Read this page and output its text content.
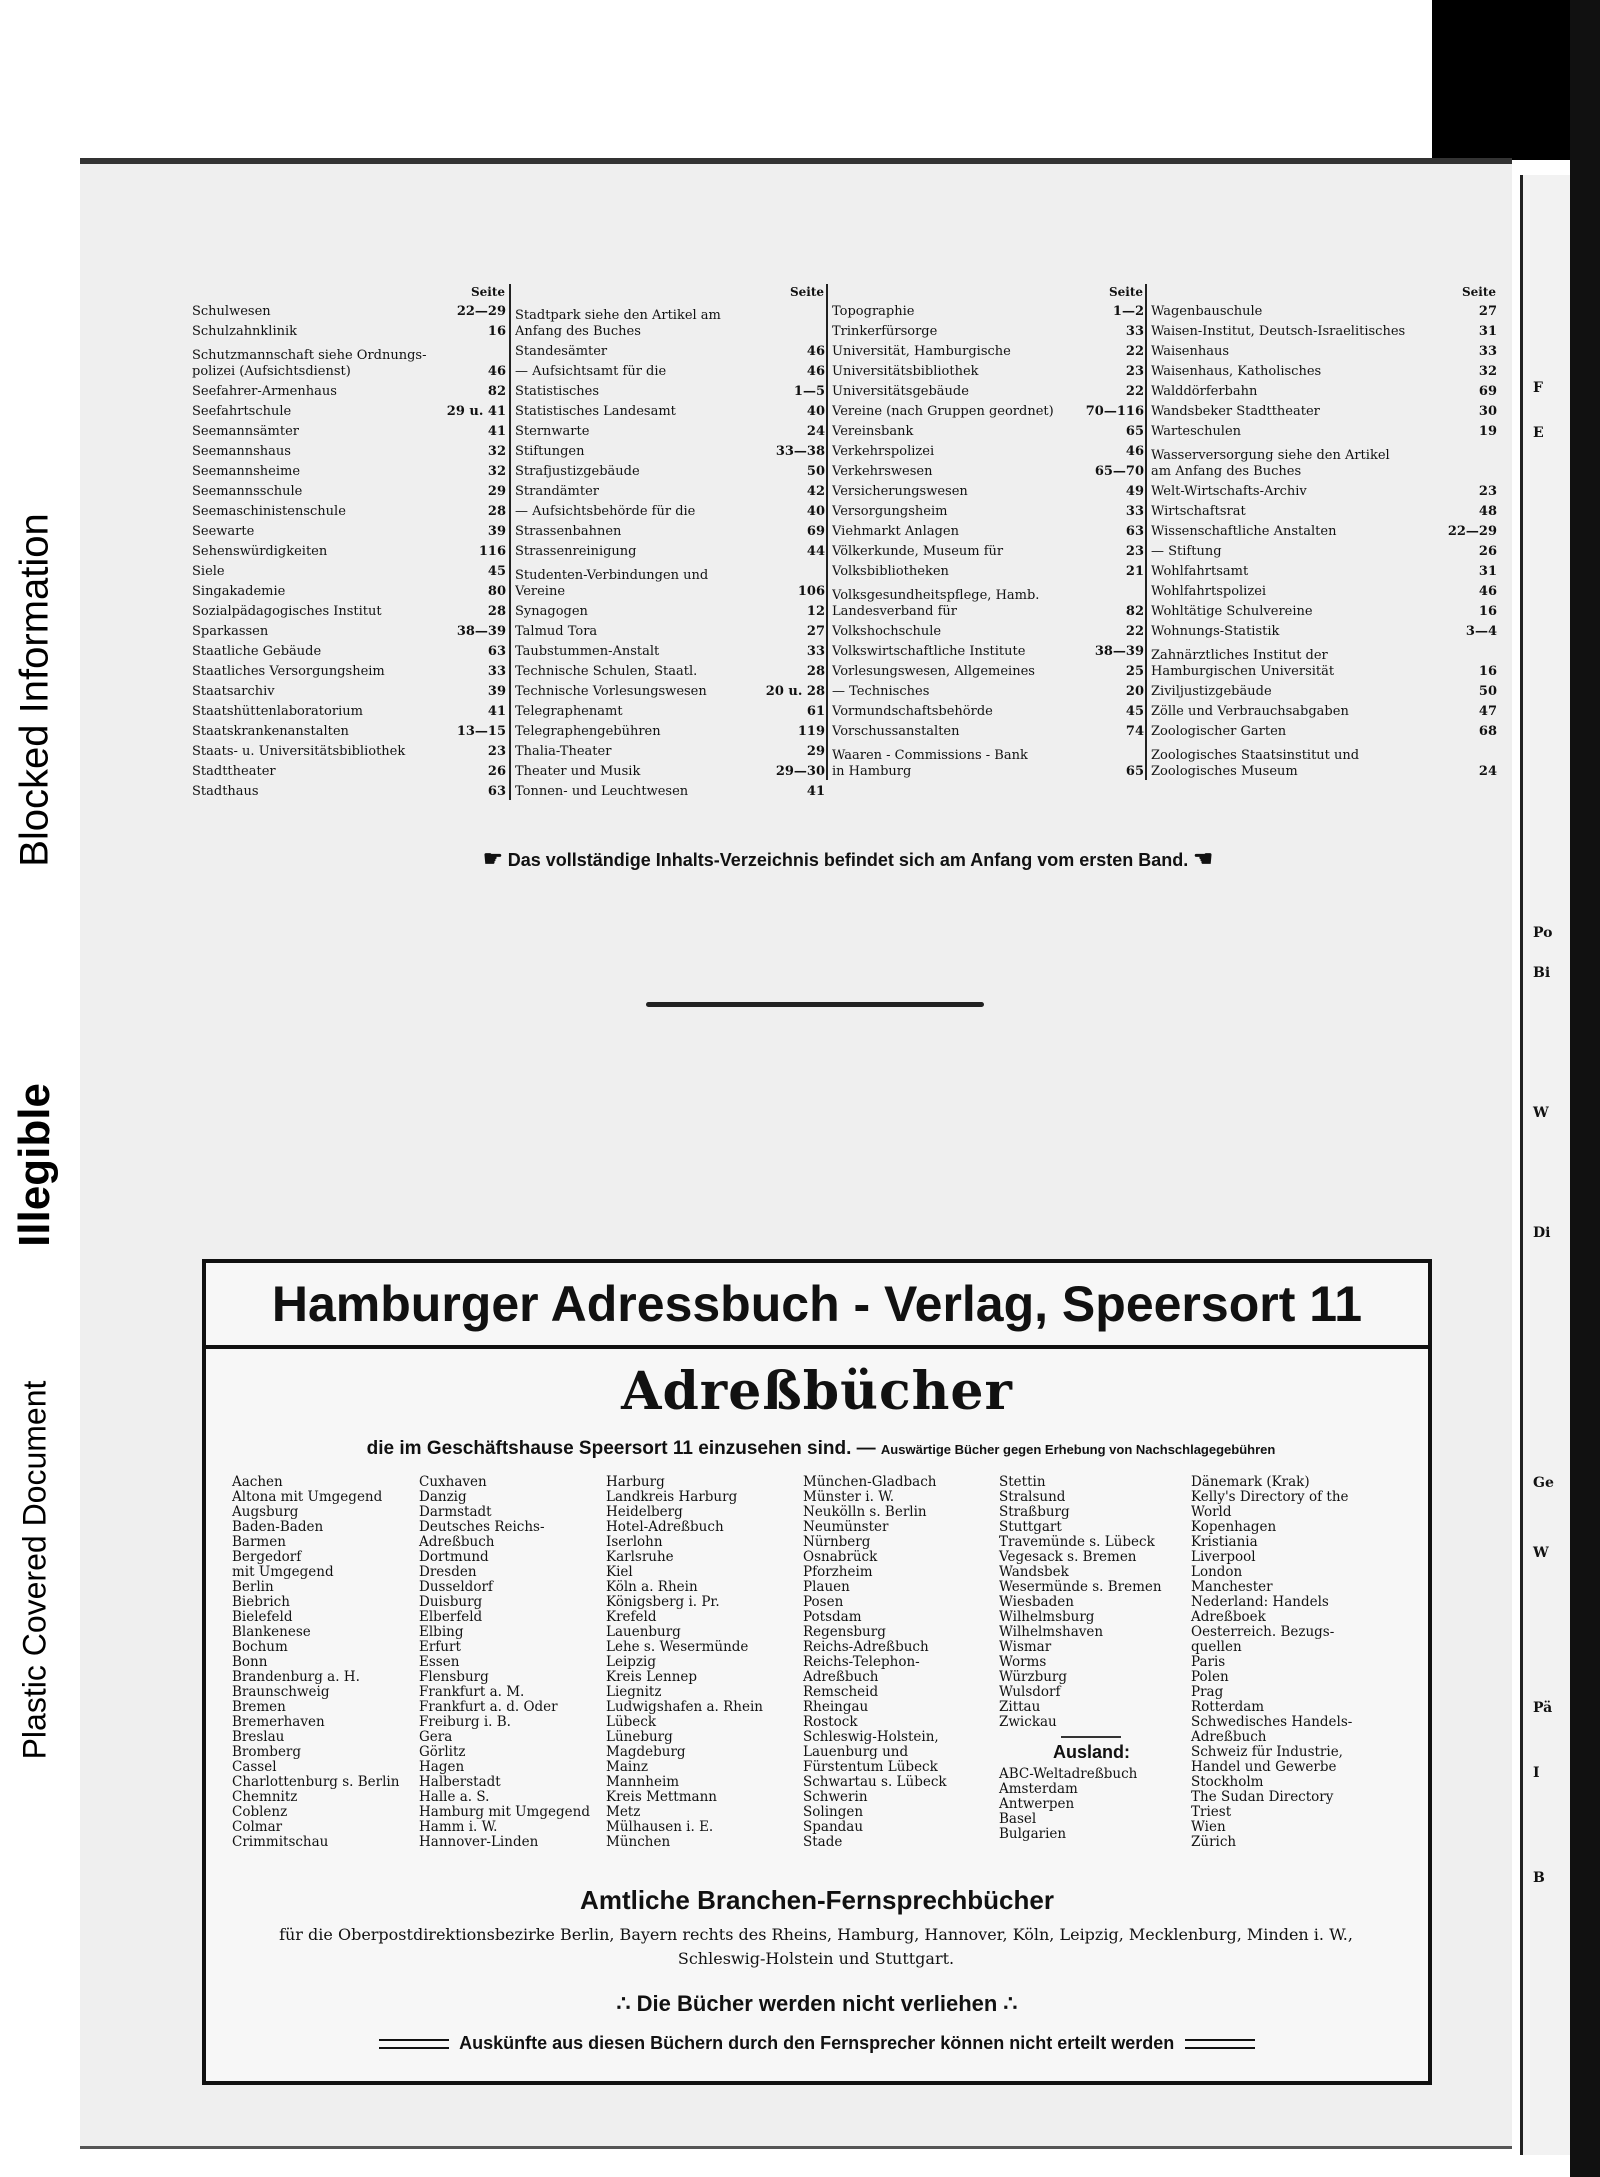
Blocked Information
Illegible
Plastic Covered Document
F
E
Po
Bi
W
Di
Ge
W
Pä
I
B
Seite
Schulwesen	22—29
Schulzahnklinik	16
Schutzmannschaft siehe Ordnungs-
polizei (Aufsichtsdienst)	46
Seefahrer-Armenhaus	82
Seefahrtschule	29 u. 41
Seemannsämter	41
Seemannshaus	32
Seemannsheime	32
Seemannsschule	29
Seemaschinistenschule	28
Seewarte	39
Sehenswürdigkeiten	116
Siele	45
Singakademie	80
Sozialpädagogisches Institut	28
Sparkassen	38—39
Staatliche Gebäude	63
Staatliches Versorgungsheim	33
Staatsarchiv	39
Staatshüttenlaboratorium	41
Staatskrankenanstalten	13—15
Staats- u. Universitätsbibliothek	23
Stadttheater	26
Stadthaus	63
Seite
Stadtpark siehe den Artikel am
Anfang des Buches
Standesämter	46
— Aufsichtsamt für die	46
Statistisches	1—5
Statistisches Landesamt	40
Sternwarte	24
Stiftungen	33—38
Strafjustizgebäude	50
Strandämter	42
— Aufsichtsbehörde für die	40
Strassenbahnen	69
Strassenreinigung	44
Studenten-Verbindungen und
Vereine	106
Synagogen	12
Talmud Tora	27
Taubstummen-Anstalt	33
Technische Schulen, Staatl.	28
Technische Vorlesungswesen	20 u. 28
Telegraphenamt	61
Telegraphengebühren	119
Thalia-Theater	29
Theater und Musik	29—30
Tonnen- und Leuchtwesen	41
Seite
Topographie	1—2
Trinkerfürsorge	33
Universität, Hamburgische	22
Universitätsbibliothek	23
Universitätsgebäude	22
Vereine (nach Gruppen geordnet)	70—116
Vereinsbank	65
Verkehrspolizei	46
Verkehrswesen	65—70
Versicherungswesen	49
Versorgungsheim	33
Viehmarkt Anlagen	63
Völkerkunde, Museum für	23
Volksbibliotheken	21
Volksgesundheitspflege, Hamb.
Landesverband für	82
Volkshochschule	22
Volkswirtschaftliche Institute	38—39
Vorlesungswesen, Allgemeines	25
— Technisches	20
Vormundschaftsbehörde	45
Vorschussanstalten	74
Waaren - Commissions - Bank
in Hamburg	65
Seite
Wagenbauschule	27
Waisen-Institut, Deutsch-Israelitisches	31
Waisenhaus	33
Waisenhaus, Katholisches	32
Walddörferbahn	69
Wandsbeker Stadttheater	30
Warteschulen	19
Wasserversorgung siehe den Artikel
am Anfang des Buches
Welt-Wirtschafts-Archiv	23
Wirtschaftsrat	48
Wissenschaftliche Anstalten	22—29
— Stiftung	26
Wohlfahrtsamt	31
Wohlfahrtspolizei	46
Wohltätige Schulvereine	16
Wohnungs-Statistik	3—4
Zahnärztliches Institut der
Hamburgischen Universität	16
Ziviljustizgebäude	50
Zölle und Verbrauchsabgaben	47
Zoologischer Garten	68
Zoologisches Staatsinstitut und
Zoologisches Museum	24
☛ Das vollständige Inhalts-Verzeichnis befindet sich am Anfang vom ersten Band. ☚
Hamburger Adressbuch - Verlag, Speersort 11
Adreßbücher
die im Geschäftshause Speersort 11 einzusehen sind. — Auswärtige Bücher gegen Erhebung von Nachschlagegebühren
Aachen
Altona mit Umgegend
Augsburg
Baden-Baden
Barmen
Bergedorf
mit Umgegend
Berlin
Biebrich
Bielefeld
Blankenese
Bochum
Bonn
Brandenburg a. H.
Braunschweig
Bremen
Bremerhaven
Breslau
Bromberg
Cassel
Charlottenburg s. Berlin
Chemnitz
Coblenz
Colmar
Crimmitschau
Cuxhaven
Danzig
Darmstadt
Deutsches Reichs-
Adreßbuch
Dortmund
Dresden
Dusseldorf
Duisburg
Elberfeld
Elbing
Erfurt
Essen
Flensburg
Frankfurt a. M.
Frankfurt a. d. Oder
Freiburg i. B.
Gera
Görlitz
Hagen
Halberstadt
Halle a. S.
Hamburg mit Umgegend
Hamm i. W.
Hannover-Linden
Harburg
Landkreis Harburg
Heidelberg
Hotel-Adreßbuch
Iserlohn
Karlsruhe
Kiel
Köln a. Rhein
Königsberg i. Pr.
Krefeld
Lauenburg
Lehe s. Wesermünde
Leipzig
Kreis Lennep
Liegnitz
Ludwigshafen a. Rhein
Lübeck
Lüneburg
Magdeburg
Mainz
Mannheim
Kreis Mettmann
Metz
Mülhausen i. E.
München
München-Gladbach
Münster i. W.
Neukölln s. Berlin
Neumünster
Nürnberg
Osnabrück
Pforzheim
Plauen
Posen
Potsdam
Regensburg
Reichs-Adreßbuch
Reichs-Telephon-
Adreßbuch
Remscheid
Rheingau
Rostock
Schleswig-Holstein,
Lauenburg und
Fürstentum Lübeck
Schwartau s. Lübeck
Schwerin
Solingen
Spandau
Stade
Stettin
Stralsund
Straßburg
Stuttgart
Travemünde s. Lübeck
Vegesack s. Bremen
Wandsbek
Wesermünde s. Bremen
Wiesbaden
Wilhelmsburg
Wilhelmshaven
Wismar
Worms
Würzburg
Wulsdorf
Zittau
Zwickau
Ausland:
ABC-Weltadreßbuch
Amsterdam
Antwerpen
Basel
Bulgarien
Dänemark (Krak)
Kelly's Directory of the
World
Kopenhagen
Kristiania
Liverpool
London
Manchester
Nederland: Handels
Adreßboek
Oesterreich. Bezugs-
quellen
Paris
Polen
Prag
Rotterdam
Schwedisches Handels-
Adreßbuch
Schweiz für Industrie,
Handel und Gewerbe
Stockholm
The Sudan Directory
Triest
Wien
Zürich
Amtliche Branchen-Fernsprechbücher
für die Oberpostdirektionsbezirke Berlin, Bayern rechts des Rheins, Hamburg, Hannover, Köln, Leipzig, Mecklenburg, Minden i. W., Schleswig-Holstein und Stuttgart.
∴ Die Bücher werden nicht verliehen ∴
Auskünfte aus diesen Büchern durch den Fernsprecher können nicht erteilt werden
